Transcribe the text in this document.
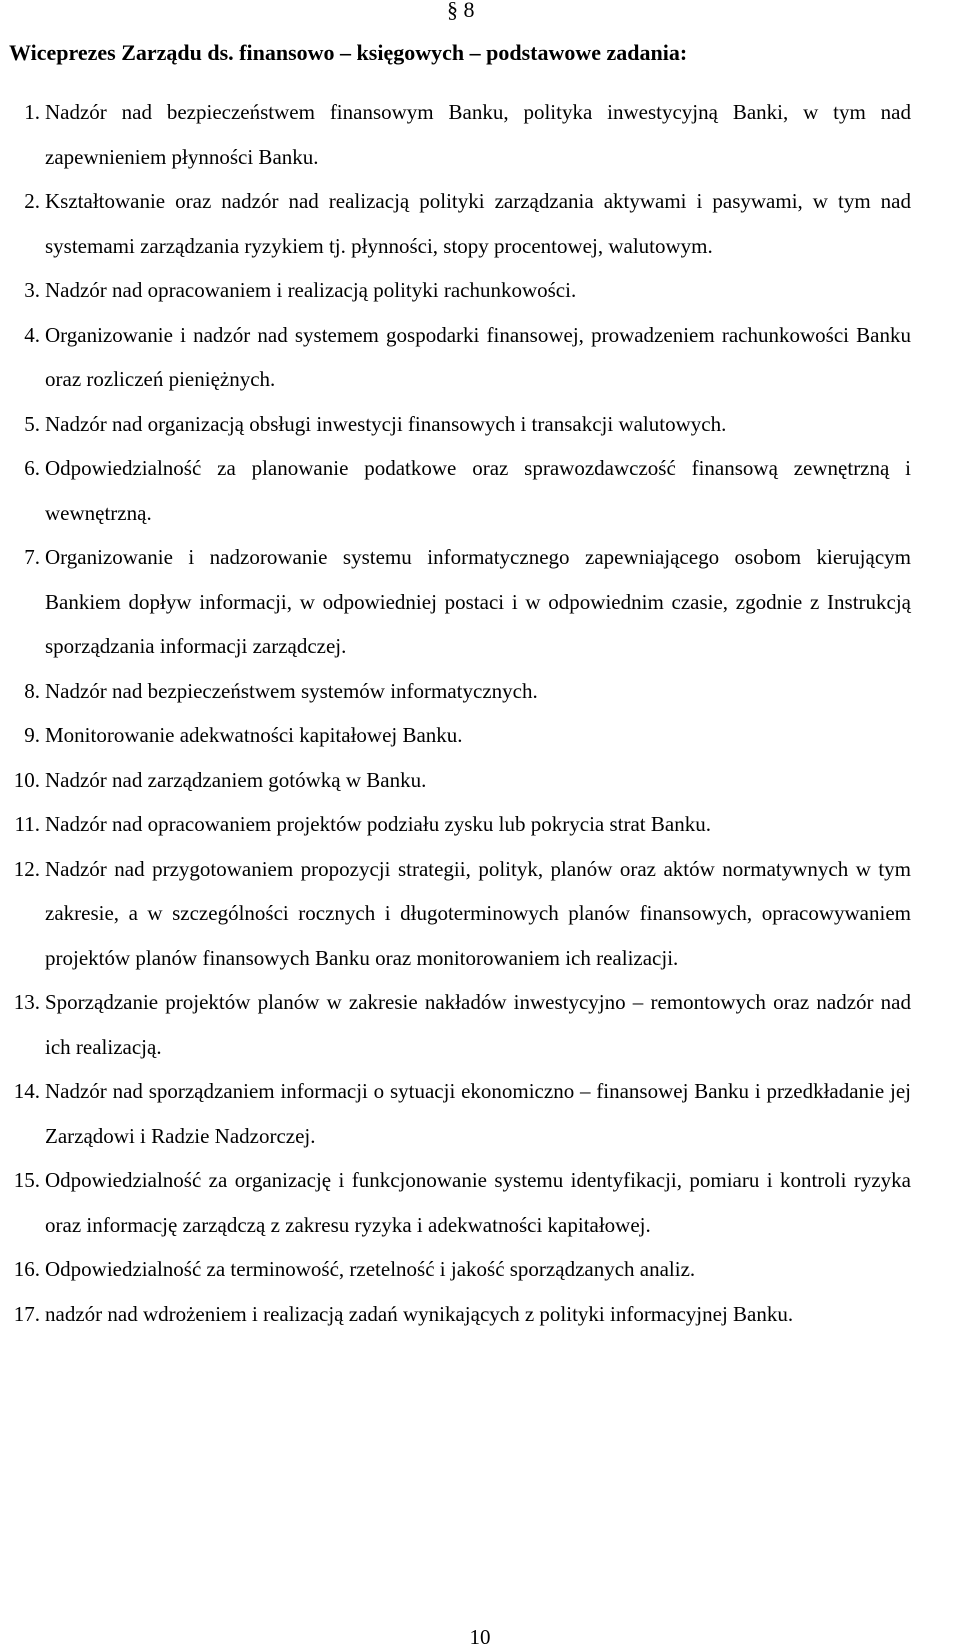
§ 8
Wiceprezes Zarządu ds. finansowo – księgowych – podstawowe zadania:
1. Nadzór nad bezpieczeństwem finansowym Banku, polityka inwestycyjną Banki, w tym nad zapewnieniem płynności Banku.
2. Kształtowanie oraz nadzór nad realizacją polityki zarządzania aktywami i pasywami, w tym nad systemami zarządzania ryzykiem tj. płynności, stopy procentowej, walutowym.
3. Nadzór nad opracowaniem i realizacją polityki rachunkowości.
4. Organizowanie i nadzór nad systemem gospodarki finansowej, prowadzeniem rachunkowości Banku oraz rozliczeń pieniężnych.
5. Nadzór nad organizacją obsługi inwestycji finansowych i transakcji walutowych.
6. Odpowiedzialność za planowanie podatkowe oraz sprawozdawczość finansową zewnętrzną i wewnętrzną.
7. Organizowanie i nadzorowanie systemu informatycznego zapewniającego osobom kierującym Bankiem dopływ informacji, w odpowiedniej postaci i w odpowiednim czasie, zgodnie z Instrukcją sporządzania informacji zarządczej.
8. Nadzór nad bezpieczeństwem systemów informatycznych.
9. Monitorowanie adekwatności kapitałowej Banku.
10. Nadzór nad zarządzaniem gotówką w Banku.
11. Nadzór nad opracowaniem projektów podziału zysku lub pokrycia strat Banku.
12. Nadzór nad przygotowaniem propozycji strategii, polityk, planów oraz aktów normatywnych w tym zakresie, a w szczególności rocznych i długoterminowych planów finansowych, opracowywaniem projektów planów finansowych Banku oraz monitorowaniem ich realizacji.
13. Sporządzanie projektów planów w zakresie nakładów inwestycyjno – remontowych oraz nadzór nad ich realizacją.
14. Nadzór nad sporządzaniem informacji o sytuacji ekonomiczno – finansowej Banku i przedkładanie jej Zarządowi i Radzie Nadzorczej.
15. Odpowiedzialność za organizację i funkcjonowanie systemu identyfikacji, pomiaru i kontroli ryzyka oraz informację zarządczą z zakresu ryzyka i adekwatności kapitałowej.
16. Odpowiedzialność za terminowość, rzetelność i jakość sporządzanych analiz.
17. nadzór nad wdrożeniem i realizacją zadań wynikających z polityki informacyjnej Banku.
10
